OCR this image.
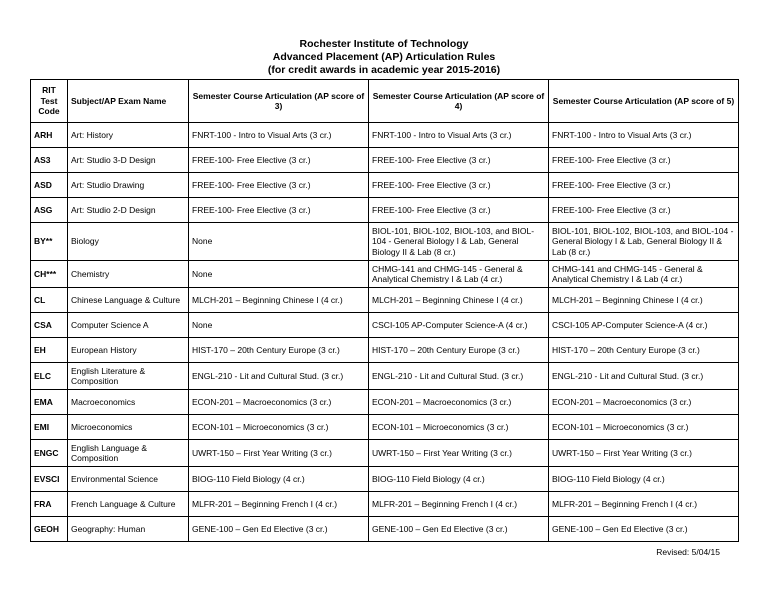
Rochester Institute of Technology
Advanced Placement (AP) Articulation Rules
(for credit awards in academic year 2015-2016)
RIT Test Code	Subject/AP Exam Name	Semester Course Articulation (AP score of 3)	Semester Course Articulation (AP score of 4)	Semester Course Articulation (AP score of 5)
ARH	Art: History	FNRT-100 - Intro to Visual Arts (3 cr.)	FNRT-100 - Intro to Visual Arts (3 cr.)	FNRT-100 - Intro to Visual Arts (3 cr.)
AS3	Art: Studio 3-D Design	FREE-100- Free Elective (3 cr.)	FREE-100- Free Elective (3 cr.)	FREE-100- Free Elective (3 cr.)
ASD	Art: Studio Drawing	FREE-100- Free Elective (3 cr.)	FREE-100- Free Elective (3 cr.)	FREE-100- Free Elective (3 cr.)
ASG	Art: Studio 2-D Design	FREE-100- Free Elective (3 cr.)	FREE-100- Free Elective (3 cr.)	FREE-100- Free Elective (3 cr.)
BY**	Biology	None	BIOL-101, BIOL-102, BIOL-103, and BIOL-104 - General Biology I & Lab, General Biology II & Lab (8 cr.)	BIOL-101, BIOL-102, BIOL-103, and BIOL-104 - General Biology I & Lab, General Biology II & Lab (8 cr.)
CH***	Chemistry	None	CHMG-141 and CHMG-145 - General & Analytical Chemistry I & Lab (4 cr.)	CHMG-141 and CHMG-145 - General & Analytical Chemistry I & Lab (4 cr.)
CL	Chinese Language & Culture	MLCH-201 – Beginning Chinese I (4 cr.)	MLCH-201 – Beginning Chinese I (4 cr.)	MLCH-201 – Beginning Chinese I (4 cr.)
CSA	Computer Science A	None	CSCI-105 AP-Computer Science-A (4 cr.)	CSCI-105 AP-Computer Science-A (4 cr.)
EH	European History	HIST-170 – 20th Century Europe (3 cr.)	HIST-170 – 20th Century Europe (3 cr.)	HIST-170 – 20th Century Europe (3 cr.)
ELC	English Literature & Composition	ENGL-210 - Lit and Cultural Stud. (3 cr.)	ENGL-210 - Lit and Cultural Stud. (3 cr.)	ENGL-210 - Lit and Cultural Stud. (3 cr.)
EMA	Macroeconomics	ECON-201 – Macroeconomics (3 cr.)	ECON-201 – Macroeconomics (3 cr.)	ECON-201 – Macroeconomics (3 cr.)
EMI	Microeconomics	ECON-101 – Microeconomics (3 cr.)	ECON-101 – Microeconomics (3 cr.)	ECON-101 – Microeconomics (3 cr.)
ENGC	English Language & Composition	UWRT-150 – First Year Writing (3 cr.)	UWRT-150 – First Year Writing (3 cr.)	UWRT-150 – First Year Writing (3 cr.)
EVSCI	Environmental Science	BIOG-110 Field Biology (4 cr.)	BIOG-110 Field Biology (4 cr.)	BIOG-110 Field Biology (4 cr.)
FRA	French Language & Culture	MLFR-201 – Beginning French I (4 cr.)	MLFR-201 – Beginning French I (4 cr.)	MLFR-201 – Beginning French I (4 cr.)
GEOH	Geography: Human	GENE-100 – Gen Ed Elective (3 cr.)	GENE-100 – Gen Ed Elective (3 cr.)	GENE-100 – Gen Ed Elective (3 cr.)
Revised: 5/04/15
